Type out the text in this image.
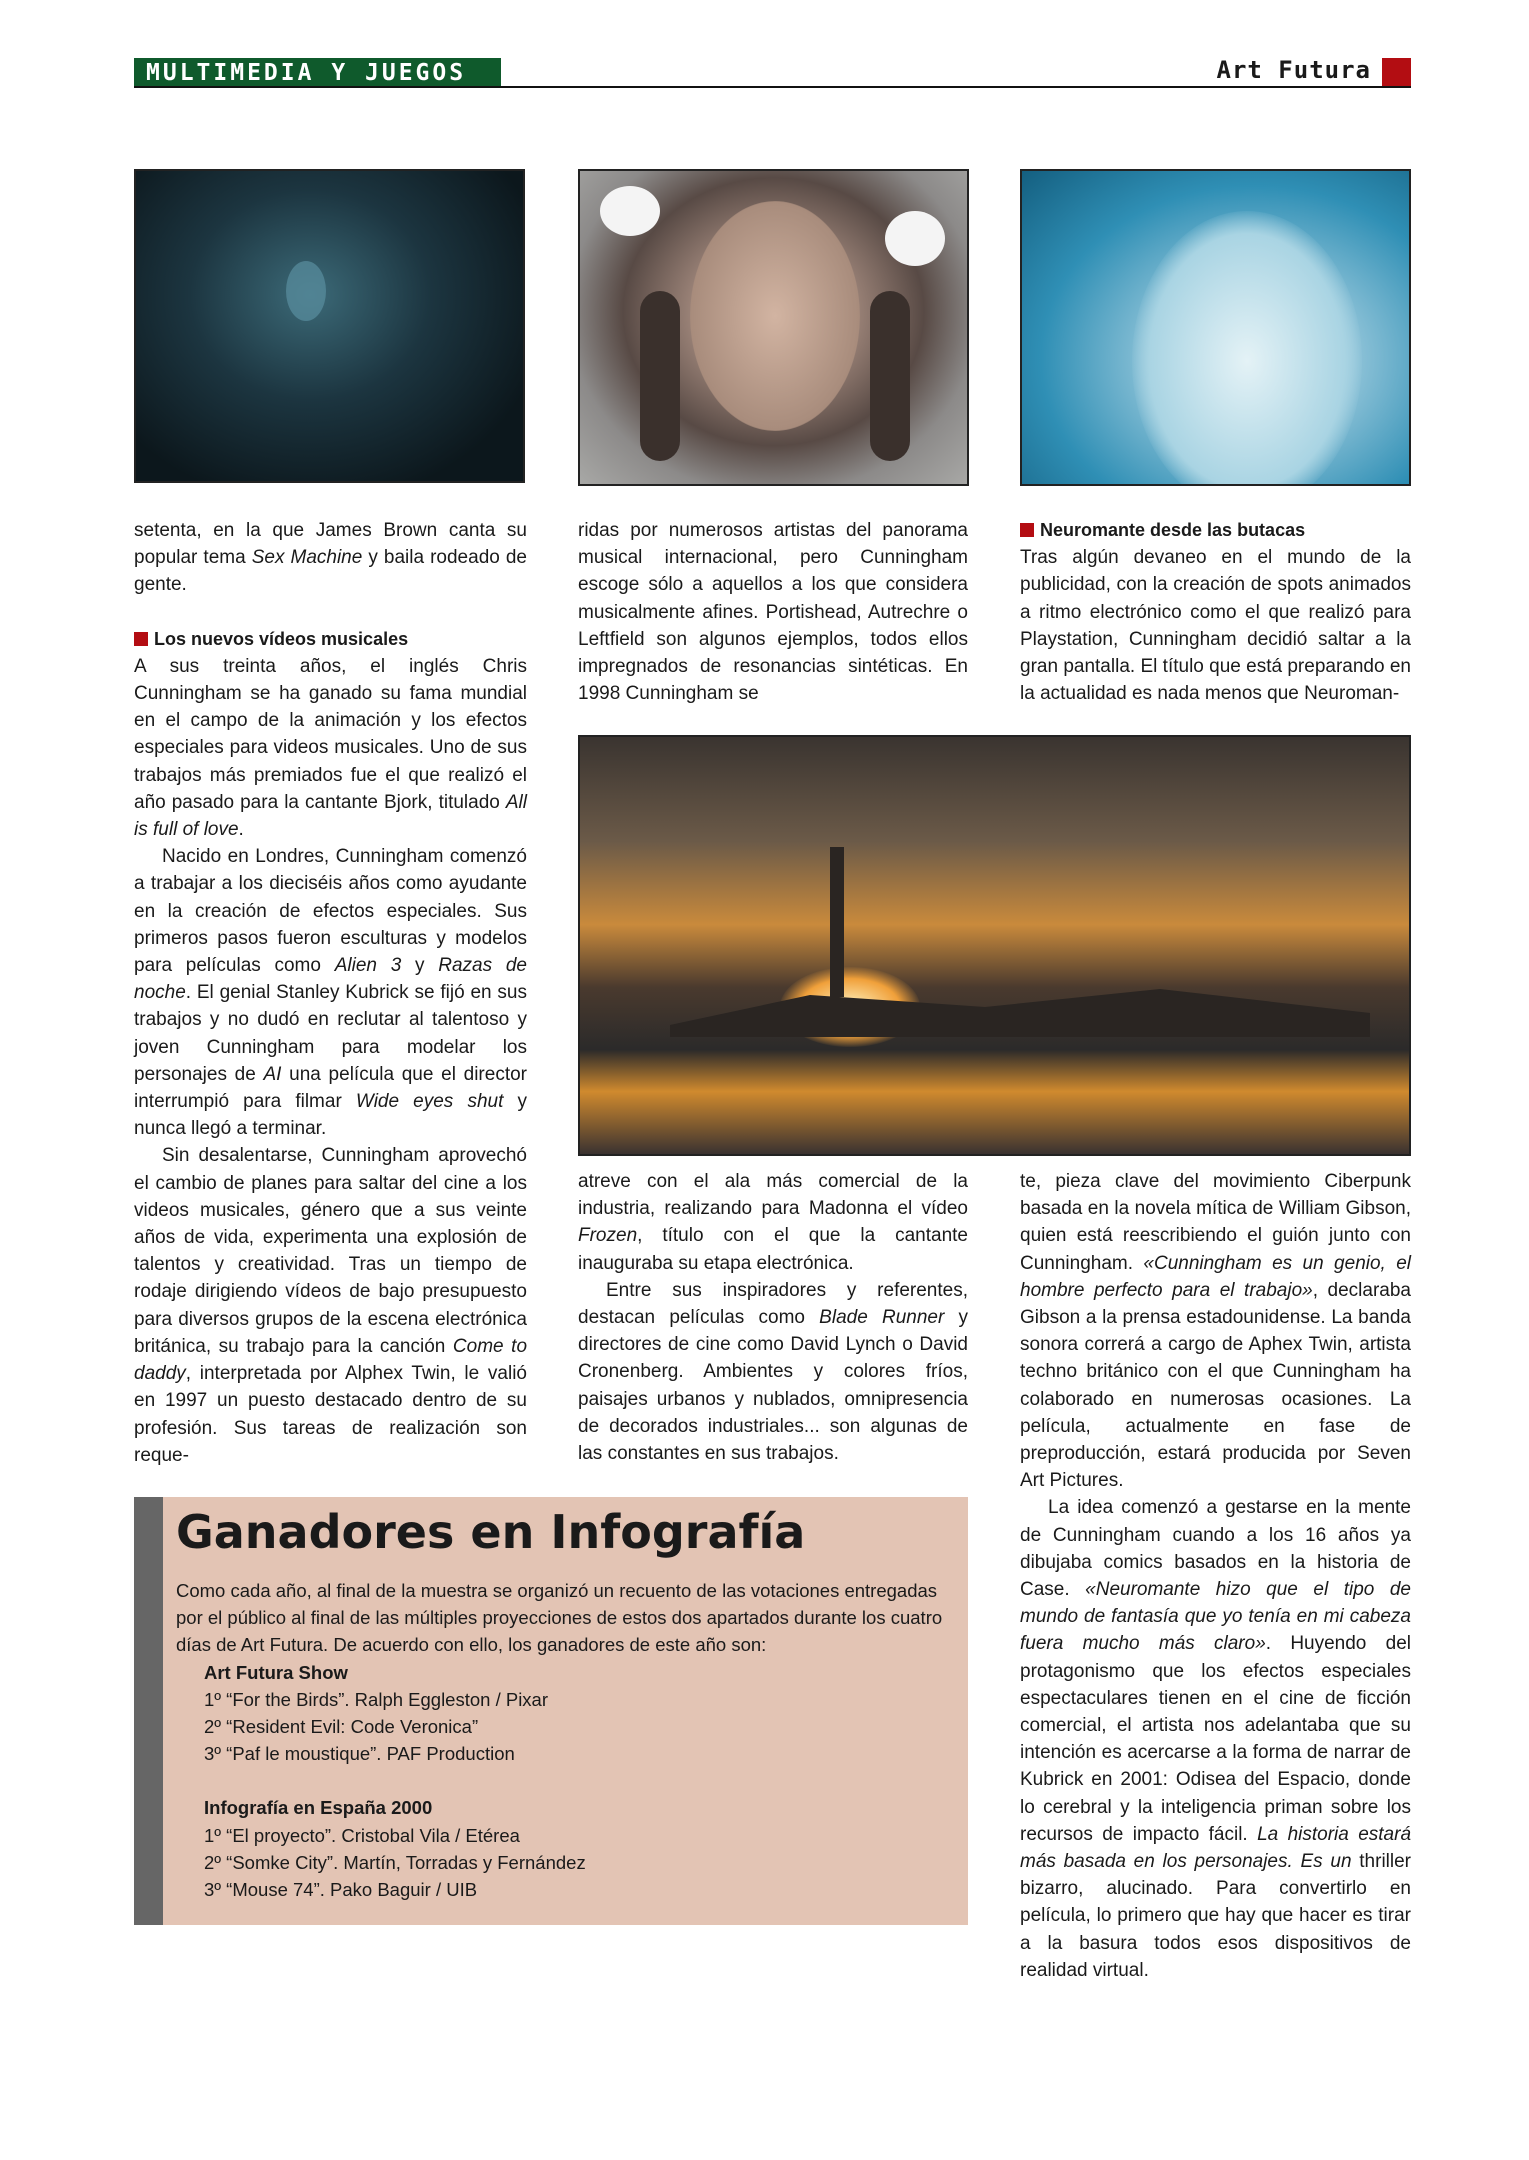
MULTIMEDIA Y JUEGOS	Art Futura

setenta, en la que James Brown canta su popular tema Sex Machine y baila rodeado de gente.

Los nuevos vídeos musicales

A sus treinta años, el inglés Chris Cunningham se ha ganado su fama mundial en el campo de la animación y los efectos especiales para videos musicales. Uno de sus trabajos más premiados fue el que realizó el año pasado para la cantante Bjork, titulado All is full of love.

Nacido en Londres, Cunningham comenzó a trabajar a los dieciséis años como ayudante en la creación de efectos especiales. Sus primeros pasos fueron esculturas y modelos para películas como Alien 3 y Razas de noche. El genial Stanley Kubrick se fijó en sus trabajos y no dudó en reclutar al talentoso y joven Cunningham para modelar los personajes de AI una película que el director interrumpió para filmar Wide eyes shut y nunca llegó a terminar.

Sin desalentarse, Cunningham aprovechó el cambio de planes para saltar del cine a los videos musicales, género que a sus veinte años de vida, experimenta una explosión de talentos y creatividad. Tras un tiempo de rodaje dirigiendo vídeos de bajo presupuesto para diversos grupos de la escena electrónica británica, su trabajo para la canción Come to daddy, interpretada por Alphex Twin, le valió en 1997 un puesto destacado dentro de su profesión. Sus tareas de realización son reque-

ridas por numerosos artistas del panorama musical internacional, pero Cunningham escoge sólo a aquellos a los que considera musicalmente afines. Portishead, Autrechre o Leftfield son algunos ejemplos, todos ellos impregnados de resonancias sintéticas. En 1998 Cunningham se

atreve con el ala más comercial de la industria, realizando para Madonna el vídeo Frozen, título con el que la cantante inauguraba su etapa electrónica.

Entre sus inspiradores y referentes, destacan películas como Blade Runner y directores de cine como David Lynch o David Cronenberg. Ambientes y colores fríos, paisajes urbanos y nublados, omnipresencia de decorados industriales... son algunas de las constantes en sus trabajos.

Neuromante desde las butacas

Tras algún devaneo en el mundo de la publicidad, con la creación de spots animados a ritmo electrónico como el que realizó para Playstation, Cunningham decidió saltar a la gran pantalla. El título que está preparando en la actualidad es nada menos que Neuroman-

te, pieza clave del movimiento Ciberpunk basada en la novela mítica de William Gibson, quien está reescribiendo el guión junto con Cunningham. «Cunningham es un genio, el hombre perfecto para el trabajo», declaraba Gibson a la prensa estadounidense. La banda sonora correrá a cargo de Aphex Twin, artista techno británico con el que Cunningham ha colaborado en numerosas ocasiones. La película, actualmente en fase de preproducción, estará producida por Seven Art Pictures.

La idea comenzó a gestarse en la mente de Cunningham cuando a los 16 años ya dibujaba comics basados en la historia de Case. «Neuromante hizo que el tipo de mundo de fantasía que yo tenía en mi cabeza fuera mucho más claro». Huyendo del protagonismo que los efectos especiales espectaculares tienen en el cine de ficción comercial, el artista nos adelantaba que su intención es acercarse a la forma de narrar de Kubrick en 2001: Odisea del Espacio, donde lo cerebral y la inteligencia priman sobre los recursos de impacto fácil. La historia estará más basada en los personajes. Es un thriller bizarro, alucinado. Para convertirlo en película, lo primero que hay que hacer es tirar a la basura todos esos dispositivos de realidad virtual.

Ganadores en Infografía
Como cada año, al final de la muestra se organizó un recuento de las votaciones entregadas por el público al final de las múltiples proyecciones de estos dos apartados durante los cuatro días de Art Futura. De acuerdo con ello, los ganadores de este año son:
Art Futura Show
1º “For the Birds”. Ralph Eggleston / Pixar
2º “Resident Evil: Code Veronica”
3º “Paf le moustique”. PAF Production
Infografía en España 2000
1º “El proyecto”. Cristobal Vila / Etérea
2º “Somke City”. Martín, Torradas y Fernández
3º “Mouse 74”. Pako Baguir / UIB
